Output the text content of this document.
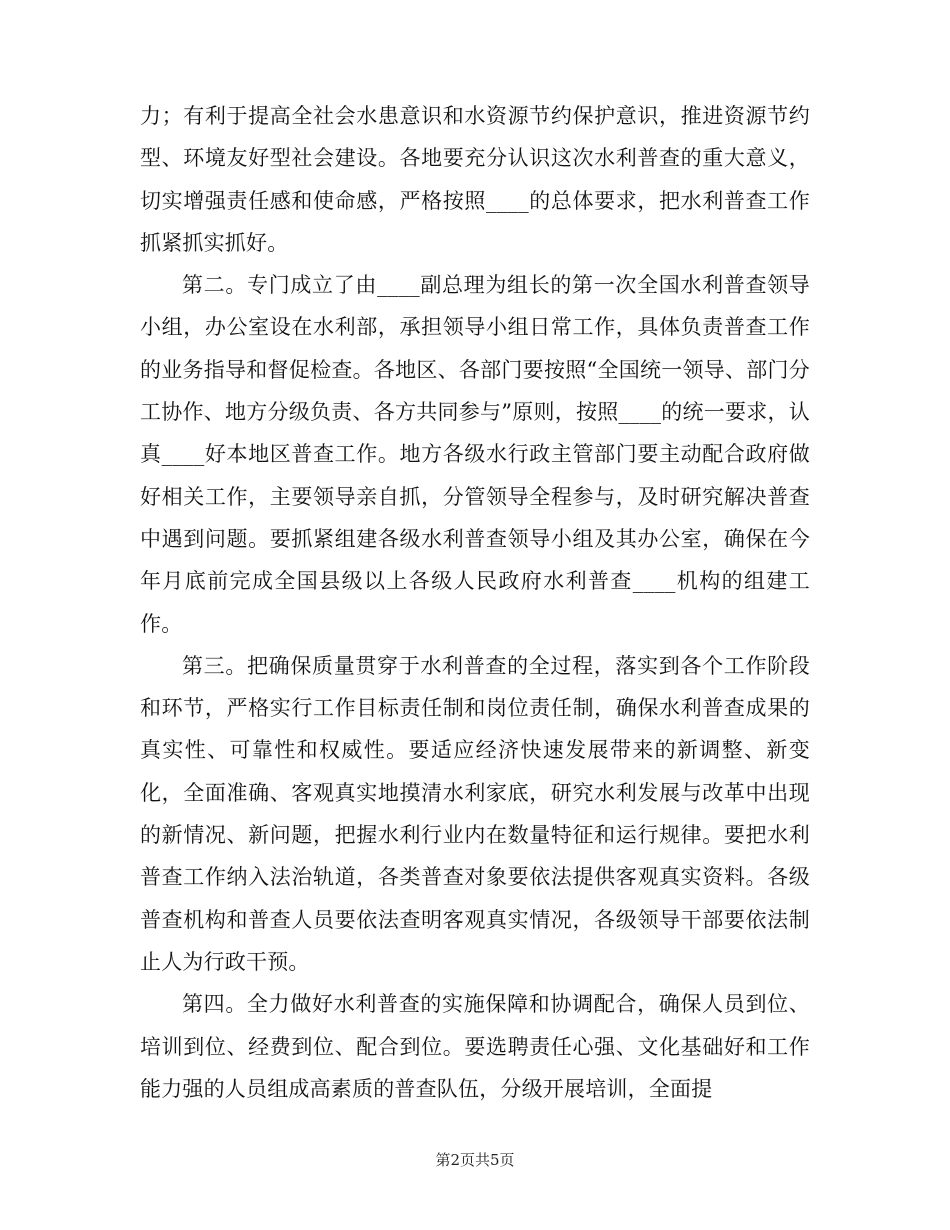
力；有利于提高全社会水患意识和水资源节约保护意识，推进资源节约型、环境友好型社会建设。各地要充分认识这次水利普查的重大意义，切实增强责任感和使命感，严格按照____的总体要求，把水利普查工作抓紧抓实抓好。

第二。专门成立了由____副总理为组长的第一次全国水利普查领导小组，办公室设在水利部，承担领导小组日常工作，具体负责普查工作的业务指导和督促检查。各地区、各部门要按照“全国统一领导、部门分工协作、地方分级负责、各方共同参与”原则，按照____的统一要求，认真____好本地区普查工作。地方各级水行政主管部门要主动配合政府做好相关工作，主要领导亲自抓，分管领导全程参与，及时研究解决普查中遇到问题。要抓紧组建各级水利普查领导小组及其办公室，确保在今年月底前完成全国县级以上各级人民政府水利普查____机构的组建工作。

第三。把确保质量贯穿于水利普查的全过程，落实到各个工作阶段和环节，严格实行工作目标责任制和岗位责任制，确保水利普查成果的真实性、可靠性和权威性。要适应经济快速发展带来的新调整、新变化，全面准确、客观真实地摸清水利家底，研究水利发展与改革中出现的新情况、新问题，把握水利行业内在数量特征和运行规律。要把水利普查工作纳入法治轨道，各类普查对象要依法提供客观真实资料。各级普查机构和普查人员要依法查明客观真实情况，各级领导干部要依法制止人为行政干预。

第四。全力做好水利普查的实施保障和协调配合，确保人员到位、培训到位、经费到位、配合到位。要选聘责任心强、文化基础好和工作能力强的人员组成高素质的普查队伍，分级开展培训，全面提

第2页共5页
